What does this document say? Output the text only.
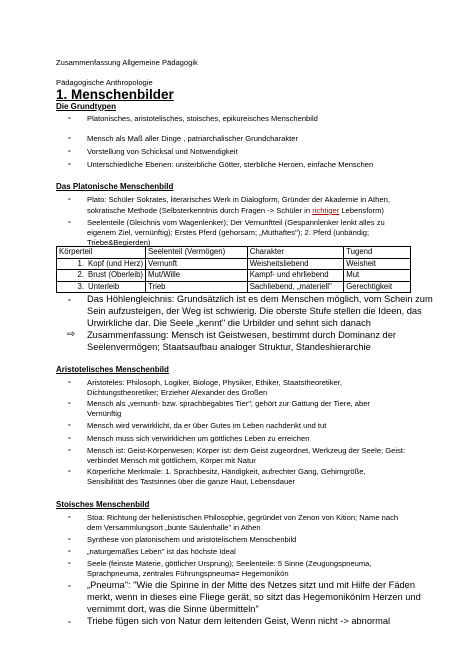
Zusammenfassung Allgemeine Pädagogik
Pädagogische Anthropologie
1. Menschenbilder
Die Grundtypen
- Platonisches, aristotelisches, stoisches, epikureisches Menschenbild
- Mensch als Maß aller Dinge , patriarchalischer Grundcharakter
- Vorstellung von Schicksal und Notwendigkeit
- Unterschiedliche Ebenen: unsterbliche Götter, sterbliche Heroen, einfache Menschen
Das Platonische Menschenbild
- Plato: Schüler Sokrates, literarisches Werk in Dialogform, Gründer der Akademie in Athen,
sokratische Methode (Selbsterkenntnis durch Fragen -> Schüler in richtiger Lebensform)
- Seelenteile (Gleichnis vom Wagenlenker); Der Vernunftteil (Gespannlenker lenkt alles zu
eigenem Ziel, vernünftig); Erstes Pferd (gehorsam; „Muthaftes"); 2. Pferd (unbändig;
Triebe&Begierden)
Körperteil	Seelenteil (Vermögen)	Charakter	Tugend
1. Kopf (und Herz)	Vernunft	Weisheitsliebend	Weisheit
2. Brust (Oberleib)	Mut/Wille	Kampf- und ehrliebend	Mut
3. Unterleib	Trieb	Sachliebend, „materiell"	Gerechtigkeit
- Das Höhlengleichnis: Grundsätzlich ist es dem Menschen möglich, vom Schein zum
Sein aufzusteigen, der Weg ist schwierig. Die oberste Stufe stellen die Ideen, das
Urwirkliche dar. Die Seele „kennt" die Urbilder und sehnt sich danach
⇨ Zusammenfassung: Mensch ist Geistwesen, bestimmt durch Dominanz der
Seelenvermögen; Staatsaufbau analoger Struktur, Standeshierarchie
Aristotelisches Menschenbild
- Aristoteles: Philosoph, Logiker, Biologe, Physiker, Ethiker, Staatstheoretiker,
Dichtungstheoretiker; Erzieher Alexander des Großen
- Mensch als „vernunft- bzw. sprachbegabtes Tier"; gehört zur Gattung der Tiere, aber
Vernünftig
- Mensch wird verwirklicht, da er über Gutes im Leben nachdenkt und tut
- Mensch muss sich verwirklichen um göttliches Leben zu erreichen
- Mensch ist: Geist-Körperwesen; Körper ist: dem Geist zugeordnet, Werkzeug der Seele; Geist:
verbindet Mensch mit göttlichem, Körper mit Natur
- Körperliche Merkmale: 1. Sprachbesitz, Händigkeit, aufrechter Gang, Gehirngröße,
Sensibilität des Tastsinnes über die ganze Haut, Lebensdauer
Stoisches Menschenbild
- Stoa: Richtung der hellenistischen Philosophie, gegründet von Zenon von Kition; Name nach
dem Versammlungsort „bunte Säulenhalle" in Athen
- Synthese von platonischem und aristotelischem Menschenbild
- „naturgemäßes Leben" ist das höchste Ideal
- Seele (feinste Materie, göttlicher Ursprung); Seelenteile: 5 Sinne (Zeugungspneuma,
Sprachpneuma, zentrales Führungspneuma= Hegemonikón
- „Pneuma": "Wie die Spinne in der Mitte des Netzes sitzt und mit Hilfe der Fäden
merkt, wenn in dieses eine Fliege gerät, so sitzt das Hegemonikónim Herzen und
vernimmt dort, was die Sinne übermitteln"
- Triebe fügen sich von Natur dem leitenden Geist, Wenn nicht -> abnormal
